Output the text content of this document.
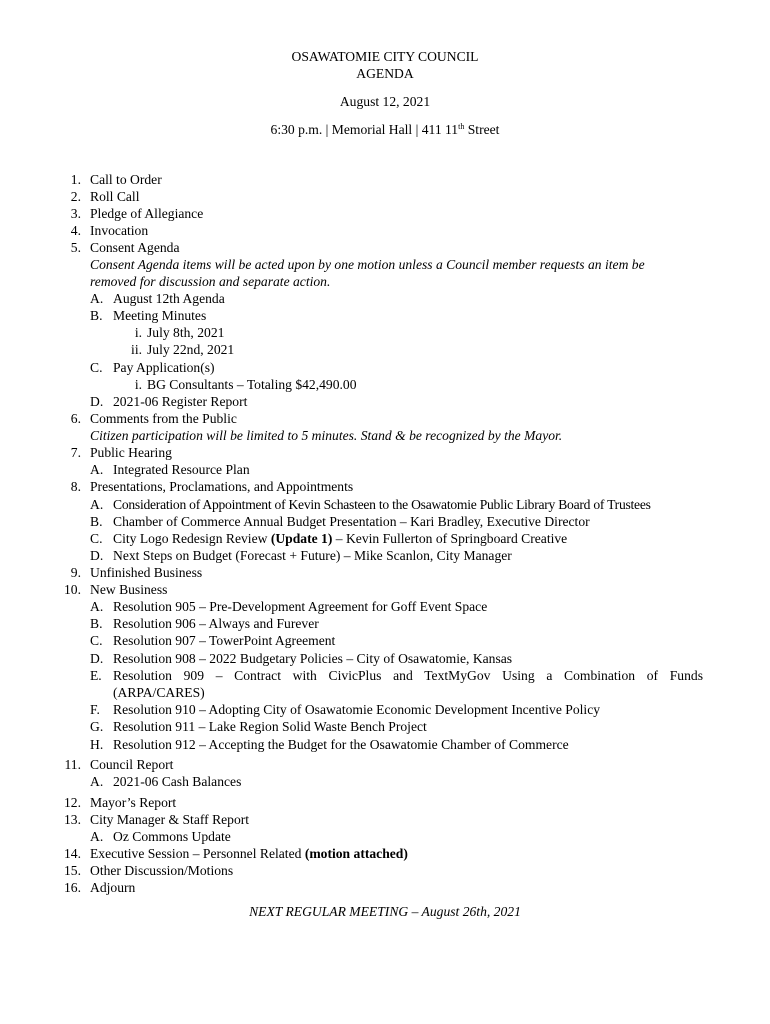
OSAWATOMIE CITY COUNCIL
AGENDA
August 12, 2021
6:30 p.m. | Memorial Hall | 411 11th Street
1. Call to Order
2. Roll Call
3. Pledge of Allegiance
4. Invocation
5. Consent Agenda
Consent Agenda items will be acted upon by one motion unless a Council member requests an item be
removed for discussion and separate action.
A. August 12th Agenda
B. Meeting Minutes
i. July 8th, 2021
ii. July 22nd, 2021
C. Pay Application(s)
i. BG Consultants – Totaling $42,490.00
D. 2021-06 Register Report
6. Comments from the Public
Citizen participation will be limited to 5 minutes. Stand & be recognized by the Mayor.
7. Public Hearing
A. Integrated Resource Plan
8. Presentations, Proclamations, and Appointments
A. Consideration of Appointment of Kevin Schasteen to the Osawatomie Public Library Board of Trustees
B. Chamber of Commerce Annual Budget Presentation – Kari Bradley, Executive Director
C. City Logo Redesign Review (Update 1) – Kevin Fullerton of Springboard Creative
D. Next Steps on Budget (Forecast + Future) – Mike Scanlon, City Manager
9. Unfinished Business
10. New Business
A. Resolution 905 – Pre-Development Agreement for Goff Event Space
B. Resolution 906 – Always and Furever
C. Resolution 907 – TowerPoint Agreement
D. Resolution 908 – 2022 Budgetary Policies – City of Osawatomie, Kansas
E. Resolution 909 – Contract with CivicPlus and TextMyGov Using a Combination of Funds
(ARPA/CARES)
F. Resolution 910 – Adopting City of Osawatomie Economic Development Incentive Policy
G. Resolution 911 – Lake Region Solid Waste Bench Project
H. Resolution 912 – Accepting the Budget for the Osawatomie Chamber of Commerce
11. Council Report
A. 2021-06 Cash Balances
12. Mayor’s Report
13. City Manager & Staff Report
A. Oz Commons Update
14. Executive Session – Personnel Related (motion attached)
15. Other Discussion/Motions
16. Adjourn
NEXT REGULAR MEETING – August 26th, 2021
